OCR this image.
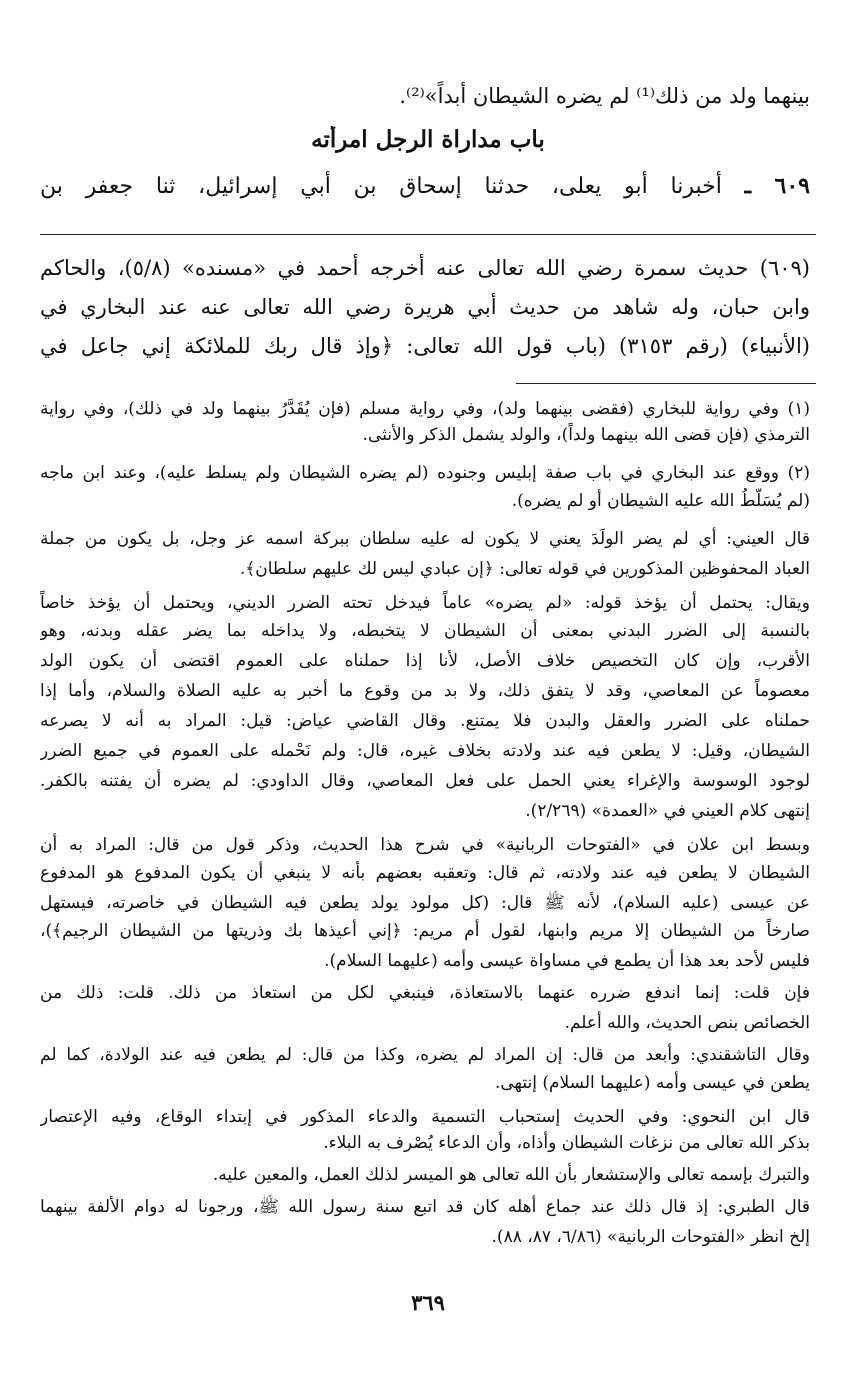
بينهما ولد من ذلك⁽¹⁾ لم يضره الشيطان أبداً»⁽²⁾.
باب مداراة الرجل امرأته
٦٠٩ ـ أخبرنا أبو يعلى، حدثنا إسحاق بن أبي إسرائيل، ثنا جعفر بن
(٦٠٩) حديث سمرة رضي الله تعالى عنه أخرجه أحمد في «مسنده» (٥/٨)، والحاكم
وابن حبان، وله شاهد من حديث أبي هريرة رضي الله تعالى عنه عند البخاري في
(الأنبياء) (رقم ٣١٥٣) (باب قول الله تعالى: ﴿وإذ قال ربك للملائكة إني جاعل في
(١) وفي رواية للبخاري (فقضى بينهما ولد)، وفي رواية مسلم (فإن يُقَدَّرُ بينهما ولد في ذلك)، وفي رواية
الترمذي (فإن قضى الله بينهما ولداً)، والولد يشمل الذكر والأنثى.
(٢) ووقع عند البخاري في باب صفة إبليس وجنوده (لم يضره الشيطان ولم يسلط عليه)، وعند ابن ماجه
(لم يُسَلَّطُ الله عليه الشيطان أو لم يضره).
قال العيني: أي لم يضر الولَدَ يعني لا يكون له عليه سلطان ببركة اسمه عز وجل، بل يكون من جملة
العباد المحفوظين المذكورين في قوله تعالى: ﴿إن عبادي ليس لك عليهم سلطان﴾.
ويقال: يحتمل أن يؤخذ قوله: «لم يضره» عاماً فيدخل تحته الضرر الديني، ويحتمل أن يؤخذ خاصاً
بالنسبة إلى الضرر البدني بمعنى أن الشيطان لا يتخبطه، ولا يداخله بما يضر عقله وبدنه، وهو
الأقرب، وإن كان التخصيص خلاف الأصل، لأنا إذا حملناه على العموم اقتضى أن يكون الولد
معصوماً عن المعاصي، وقد لا يتفق ذلك، ولا بد من وقوع ما أخبر به عليه الصلاة والسلام، وأما إذا
حملناه على الضرر والعقل والبدن فلا يمتنع. وقال القاضي عياض: قيل: المراد به أنه لا يصرعه
الشيطان، وقيل: لا يطعن فيه عند ولادته بخلاف غيره، قال: ولم نَحْمله على العموم في جميع الضرر
لوجود الوسوسة والإغراء يعني الحمل على فعل المعاصي، وقال الداودي: لم يضره أن يفتنه بالكفر.
إنتهى كلام العيني في «العمدة» (٢/٢٦٩).
وبسط ابن علان في «الفتوحات الربانية» في شرح هذا الحديث، وذكر قول من قال: المراد به أن
الشيطان لا يطعن فيه عند ولادته، ثم قال: وتعقبه بعضهم بأنه لا ينبغي أن يكون المدفوع هو المدفوع
عن عيسى (عليه السلام)، لأنه ﷺ قال: (كل مولود يولد يطعن فيه الشيطان في خاصرته، فيستهل
صارخاً من الشيطان إلا مريم وابنها، لقول أم مريم: ﴿إني أعيذها بك وذريتها من الشيطان الرجيم﴾)،
فليس لأحد بعد هذا أن يطمع في مساواة عيسى وأمه (عليهما السلام).
فإن قلت: إنما اندفع ضرره عنهما بالاستعاذة، فينبغي لكل من استعاذ من ذلك. قلت: ذلك من
الخصائص بنص الحديث، والله أعلم.
وقال التاشقندي: وأبعد من قال: إن المراد لم يضره، وكذا من قال: لم يطعن فيه عند الولادة، كما لم
يطعن في عيسى وأمه (عليهما السلام) إنتهى.
قال ابن النحوي: وفي الحديث إستحباب التسمية والدعاء المذكور في إبتداء الوقاع، وفيه الإعتصار
بذكر الله تعالى من نزغات الشيطان وأذاه، وأن الدعاء يُصْرف به البلاء.
والتبرك بإسمه تعالى والإستشعار بأن الله تعالى هو الميسر لذلك العمل، والمعين عليه.
قال الطبري: إذ قال ذلك عند جماع أهله كان قد اتبع سنة رسول الله ﷺ، ورجونا له دوام الألفة بينهما
إلخ انظر «الفتوحات الربانية» (٦/٨٦، ٨٧، ٨٨).
٣٦٩
